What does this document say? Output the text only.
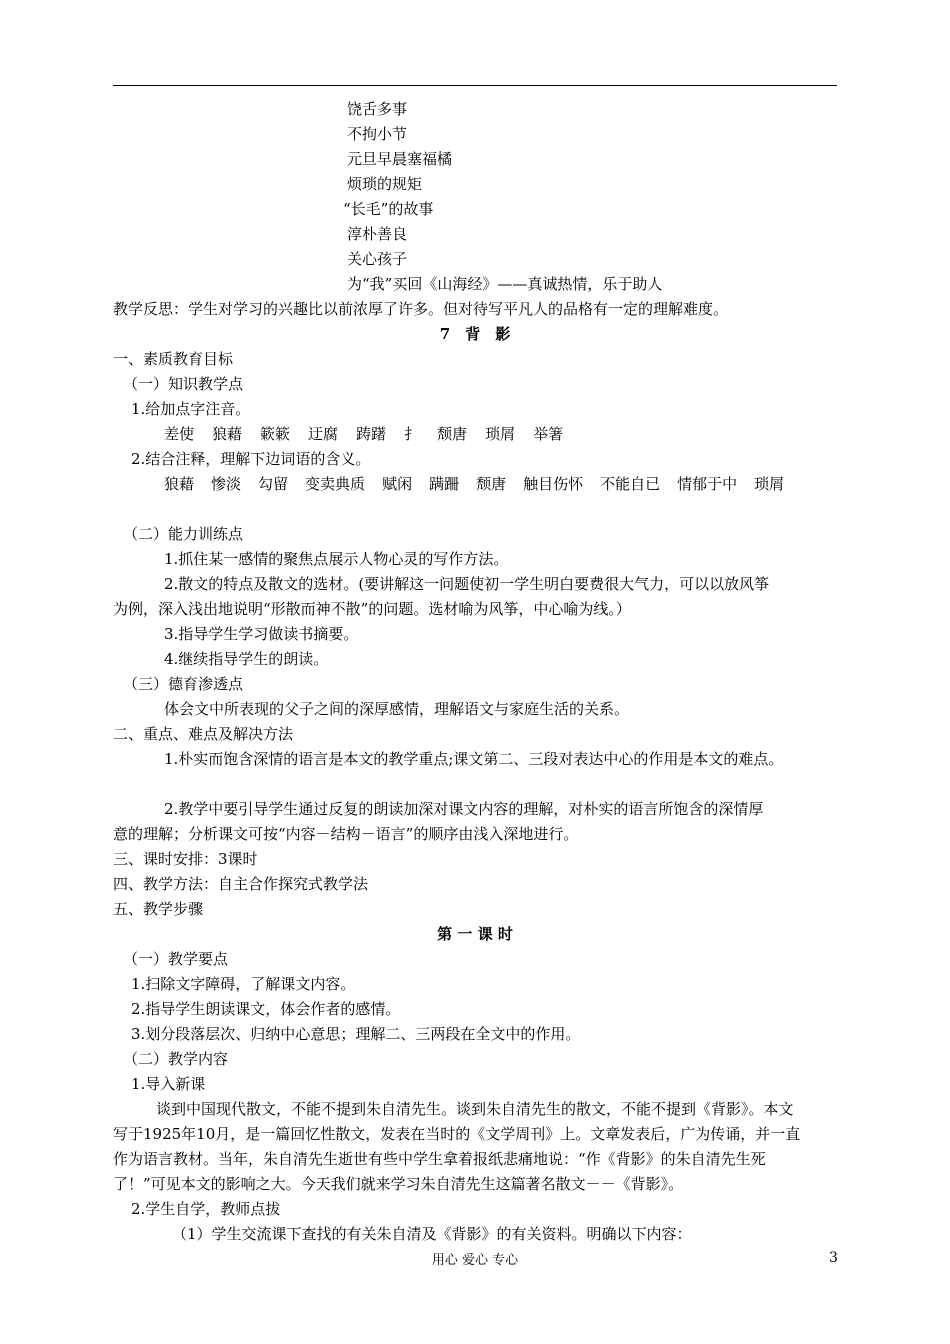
饶舌多事
不拘小节
元旦早晨塞福橘
烦琐的规矩
“长毛”的故事
淳朴善良
关心孩子
为“我”买回《山海经》——真诚热情，乐于助人
教学反思：学生对学习的兴趣比以前浓厚了许多。但对待写平凡人的品格有一定的理解难度。
7　背　影
一、素质教育目标
（一）知识教学点
1.给加点字注音。
差使 狼藉 簌簌 迂腐 踌躇 扌 颓唐 琐屑 举箸
2.结合注释，理解下边词语的含义。
狼藉 惨淡 勾留 变卖典质 赋闲 蹒跚 颓唐 触目伤怀 不能自已 情郁于中 琐屑
（二）能力训练点
1.抓住某一感情的聚焦点展示人物心灵的写作方法。
2.散文的特点及散文的选材。(要讲解这一问题使初一学生明白要费很大气力，可以以放风筝
为例，深入浅出地说明“形散而神不散”的问题。选材喻为风筝，中心喻为线。）
3.指导学生学习做读书摘要。
4.继续指导学生的朗读。
（三）德育渗透点
体会文中所表现的父子之间的深厚感情，理解语文与家庭生活的关系。
二、重点、难点及解决方法
1.朴实而饱含深情的语言是本文的教学重点;课文第二、三段对表达中心的作用是本文的难点。
2.教学中要引导学生通过反复的朗读加深对课文内容的理解，对朴实的语言所饱含的深情厚
意的理解；分析课文可按“内容－结构－语言”的顺序由浅入深地进行。
三、课时安排：3课时
四、教学方法：自主合作探究式教学法
五、教学步骤
第 一 课 时
（一）教学要点
1.扫除文字障碍，了解课文内容。
2.指导学生朗读课文，体会作者的感情。
3.划分段落层次、归纳中心意思；理解二、三两段在全文中的作用。
（二）教学内容
1.导入新课
谈到中国现代散文，不能不提到朱自清先生。谈到朱自清先生的散文，不能不提到《背影》。本文
写于1925年10月，是一篇回忆性散文，发表在当时的《文学周刊》上。文章发表后，广为传诵，并一直
作为语言教材。当年，朱自清先生逝世有些中学生拿着报纸悲痛地说：“作《背影》的朱自清先生死
了！”可见本文的影响之大。今天我们就来学习朱自清先生这篇著名散文－－《背影》。
2.学生自学，教师点拔
（1）学生交流课下查找的有关朱自清及《背影》的有关资料。明确以下内容：
用心 爱心 专心	3
